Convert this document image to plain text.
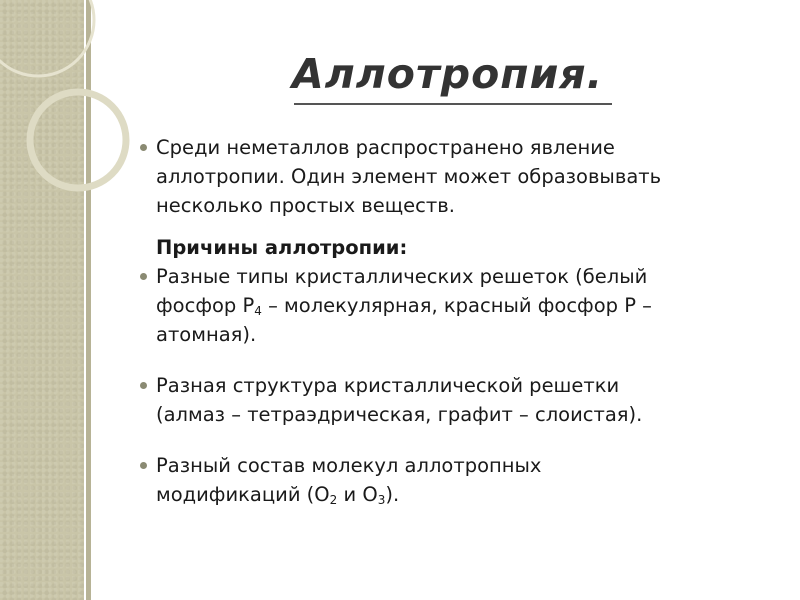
Аллотропия.
Среди неметаллов распространено явление
аллотропии. Один элемент может образовывать
несколько простых веществ.
Причины аллотропии:
Разные типы кристаллических решеток (белый
фосфор $P_4$ – молекулярная, красный фосфор P –
атомная).
Разная структура кристаллической решетки
(алмаз – тетраэдрическая, графит – слоистая).
Разный состав молекул аллотропных
модификаций ($O_2$ и $O_3$).
